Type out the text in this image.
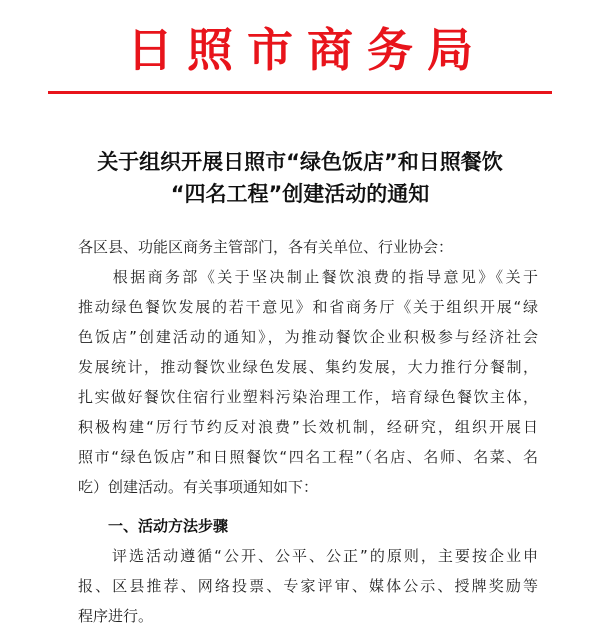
日照市商务局
关于组织开展日照市“绿色饭店”和日照餐饮
“四名工程”创建活动的通知
各区县、功能区商务主管部门，各有关单位、行业协会：
　　根据商务部《关于坚决制止餐饮浪费的指导意见》《关于
推动绿色餐饮发展的若干意见》和省商务厅《关于组织开展“绿
色饭店”创建活动的通知》，为推动餐饮企业积极参与经济社会
发展统计，推动餐饮业绿色发展、集约发展，大力推行分餐制，
扎实做好餐饮住宿行业塑料污染治理工作，培育绿色餐饮主体，
积极构建“厉行节约反对浪费”长效机制，经研究，组织开展日
照市“绿色饭店”和日照餐饮“四名工程”（名店、名师、名菜、名
吃）创建活动。有关事项通知如下：
一、活动方法步骤
　　评选活动遵循“公开、公平、公正”的原则，主要按企业申
报、区县推荐、网络投票、专家评审、媒体公示、授牌奖励等
程序进行。
